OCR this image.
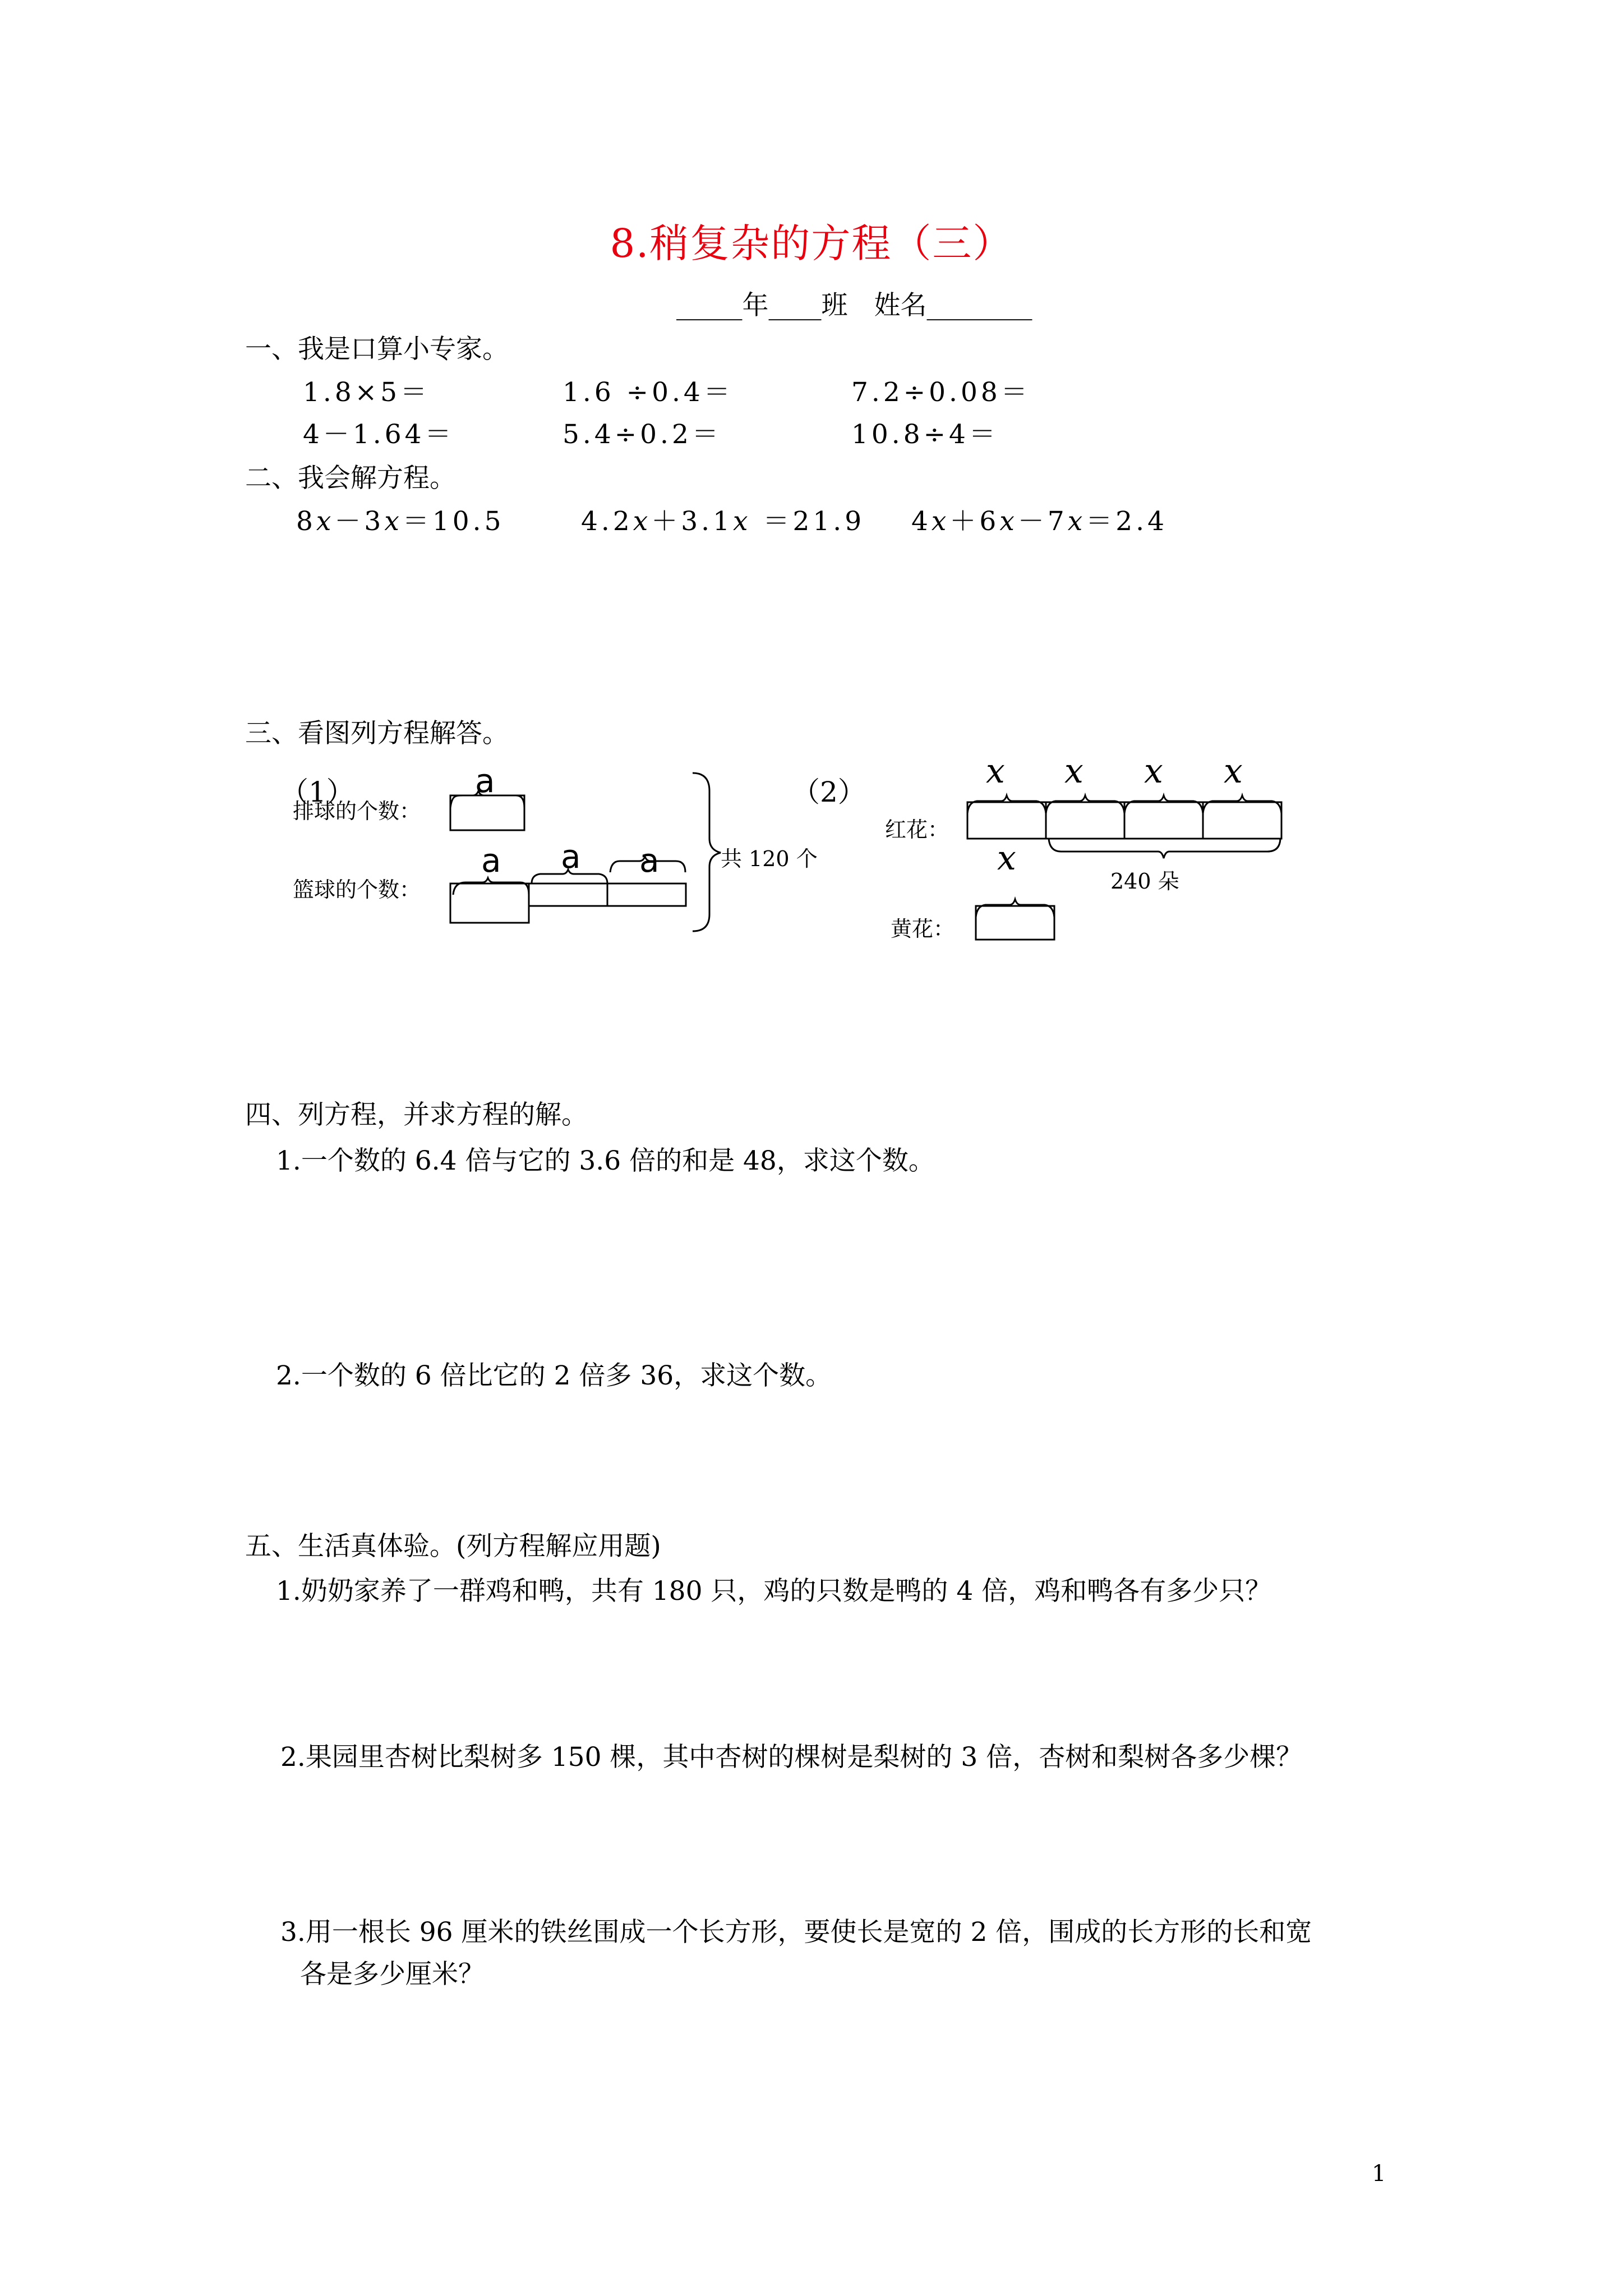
8.稍复杂的方程（三）
_____年____班　姓名________
一、我是口算小专家。
1.8×5＝	1.6 ÷0.4＝	7.2÷0.08＝
4－1.64＝	5.4÷0.2＝	10.8÷4＝
二、我会解方程。
8x－3x＝10.5	4.2x＋3.1x ＝21.9 4x＋6x－7x＝2.4
三、看图列方程解答。
（1）
排球的个数：
篮球的个数：
共 120 个
a
a a a
（2）
红花：
黄花：
240 朵
x x x x
x
四、列方程，并求方程的解。
1.一个数的 6.4 倍与它的 3.6 倍的和是 48，求这个数。
2.一个数的 6 倍比它的 2 倍多 36，求这个数。
五、生活真体验。(列方程解应用题)
1.奶奶家养了一群鸡和鸭，共有 180 只，鸡的只数是鸭的 4 倍，鸡和鸭各有多少只？
2.果园里杏树比梨树多 150 棵，其中杏树的棵树是梨树的 3 倍，杏树和梨树各多少棵？
3.用一根长 96 厘米的铁丝围成一个长方形，要使长是宽的 2 倍，围成的长方形的长和宽
各是多少厘米？
1
